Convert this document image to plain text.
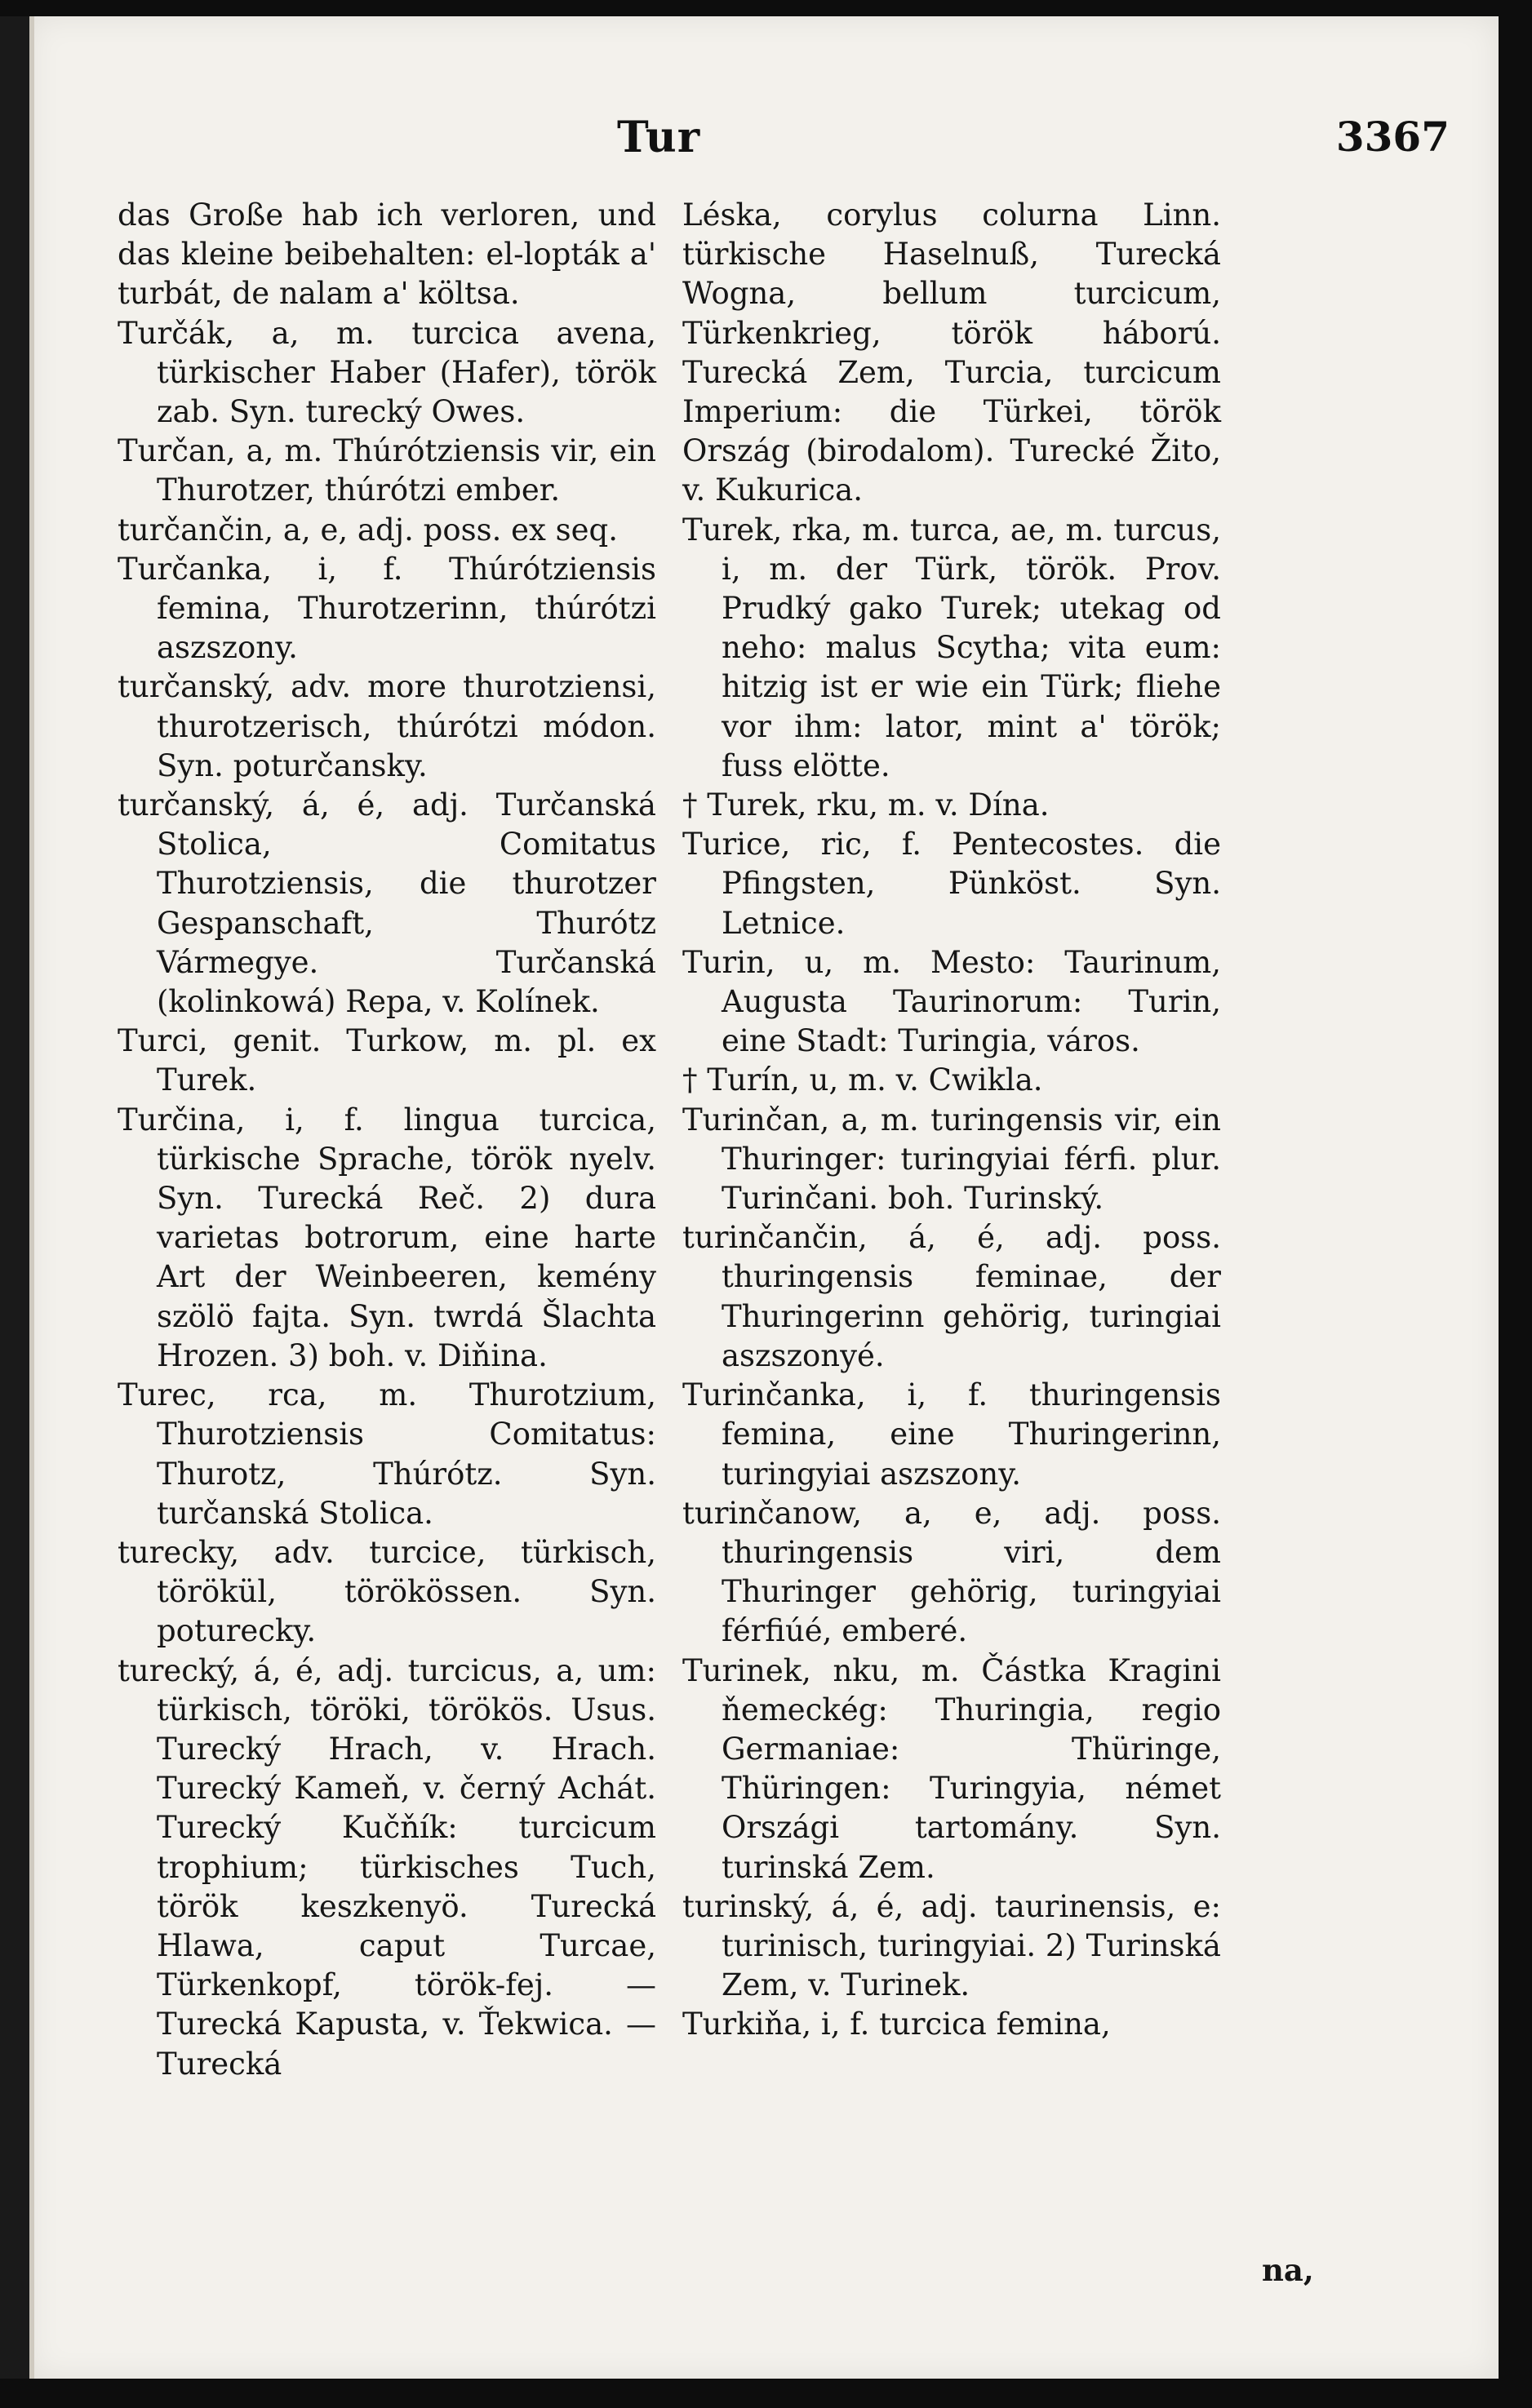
Tur	3367

das Große hab ich verloren, und das kleine beibehalten: el-lopták a' turbát, de nalam a' költsa.

Turčák, a, m. turcica avena, türkischer Haber (Hafer), török zab. Syn. turecký Owes.

Turčan, a, m. Thúrótziensis vir, ein Thurotzer, thúrótzi ember.

turčančin, a, e, adj. poss. ex seq.

Turčanka, i, f. Thúrótziensis femina, Thurotzerinn, thúrótzi aszszony.

turčanský, adv. more thurotziensi, thurotzerisch, thúrótzi módon. Syn. poturčansky.

turčanský, á, é, adj. Turčanská Stolica, Comitatus Thurotziensis, die thurotzer Gespanschaft, Thurótz Vármegye. Turčanská (kolinkowá) Repa, v. Kolínek.

Turci, genit. Turkow, m. pl. ex Turek.

Turčina, i, f. lingua turcica, türkische Sprache, török nyelv. Syn. Turecká Reč. 2) dura varietas botrorum, eine harte Art der Weinbeeren, kemény szölö fajta. Syn. twrdá Šlachta Hrozen. 3) boh. v. Diňina.

Turec, rca, m. Thurotzium, Thurotziensis Comitatus: Thurotz, Thúrótz. Syn. turčanská Stolica.

turecky, adv. turcice, türkisch, törökül, törökössen. Syn. poturecky.

turecký, á, é, adj. turcicus, a, um: türkisch, töröki, törökös. Usus. Turecký Hrach, v. Hrach. Turecký Kameň, v. černý Achát. Turecký Kučňík: turcicum trophium; türkisches Tuch, török keszkenyö. Turecká Hlawa, caput Turcae, Türkenkopf, török-fej. — Turecká Kapusta, v. Ťekwica. — Turecká

Léska, corylus colurna Linn. türkische Haselnuß, Turecká Wogna, bellum turcicum, Türkenkrieg, török háború. Turecká Zem, Turcia, turcicum Imperium: die Türkei, török Ország (birodalom). Turecké Žito, v. Kukurica.

Turek, rka, m. turca, ae, m. turcus, i, m. der Türk, török. Prov. Prudký gako Turek; utekag od neho: malus Scytha; vita eum: hitzig ist er wie ein Türk; fliehe vor ihm: lator, mint a' török; fuss elötte.

† Turek, rku, m. v. Dína.

Turice, ric, f. Pentecostes. die Pfingsten, Pünköst. Syn. Letnice.

Turin, u, m. Mesto: Taurinum, Augusta Taurinorum: Turin, eine Stadt: Turingia, város.

† Turín, u, m. v. Cwikla.

Turinčan, a, m. turingensis vir, ein Thuringer: turingyiai férfi. plur. Turinčani. boh. Turinský.

turinčančin, á, é, adj. poss. thuringensis feminae, der Thuringerinn gehörig, turingiai aszszonyé.

Turinčanka, i, f. thuringensis femina, eine Thuringerinn, turingyiai aszszony.

turinčanow, a, e, adj. poss. thuringensis viri, dem Thuringer gehörig, turingyiai férfiúé, emberé.

Turinek, nku, m. Částka Kragini ňemeckég: Thuringia, regio Germaniae: Thüringe, Thüringen: Turingyia, német Országi tartomány. Syn. turinská Zem.

turinský, á, é, adj. taurinensis, e: turinisch, turingyiai. 2) Turinská Zem, v. Turinek.

Turkiňa, i, f. turcica femina,

na,
